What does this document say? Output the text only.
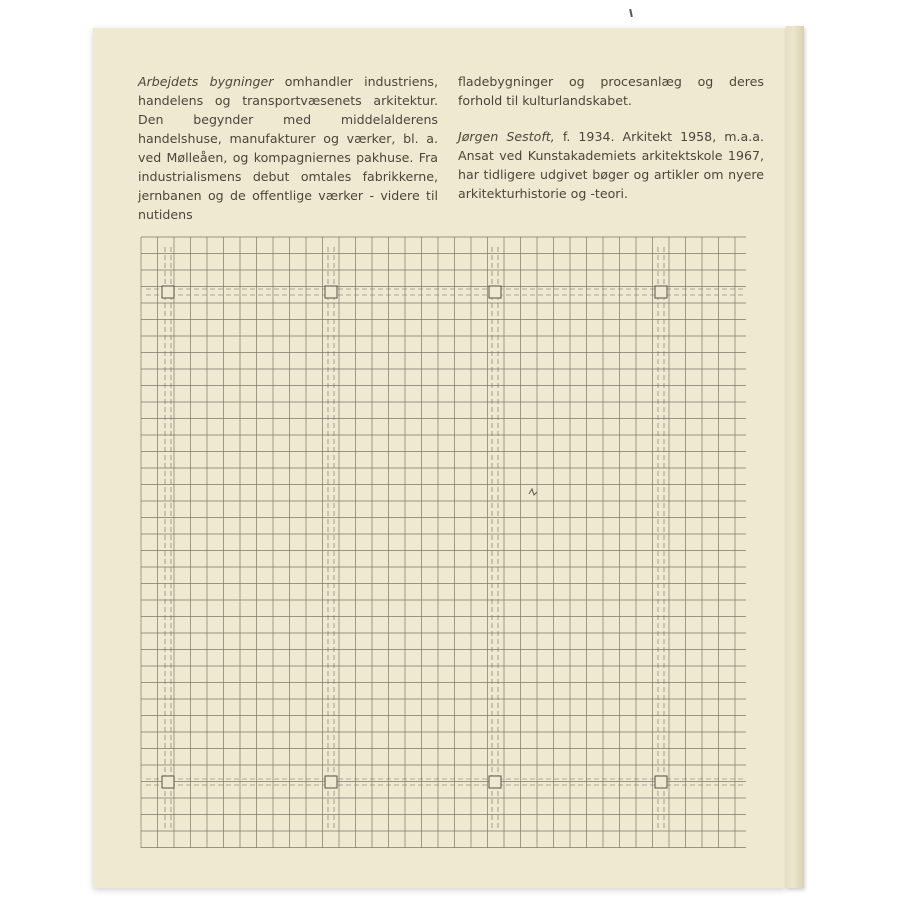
Arbejdets bygninger omhandler industriens, handelens og transportvæsenets arkitektur. Den begynder med middelalderens handelshuse, manufakturer og værker, bl. a. ved Mølleåen, og kompagniernes pakhuse. Fra industrialismens debut omtales fabrikkerne, jernbanen og de offentlige værker - videre til nutidens

fladebygninger og procesanlæg og deres forhold til kulturlandskabet.

Jørgen Sestoft, f. 1934. Arkitekt 1958, m.a.a. Ansat ved Kunstakademiets arkitektskole 1967, har tidligere udgivet bøger og artikler om nyere arkitekturhistorie og -teori.
